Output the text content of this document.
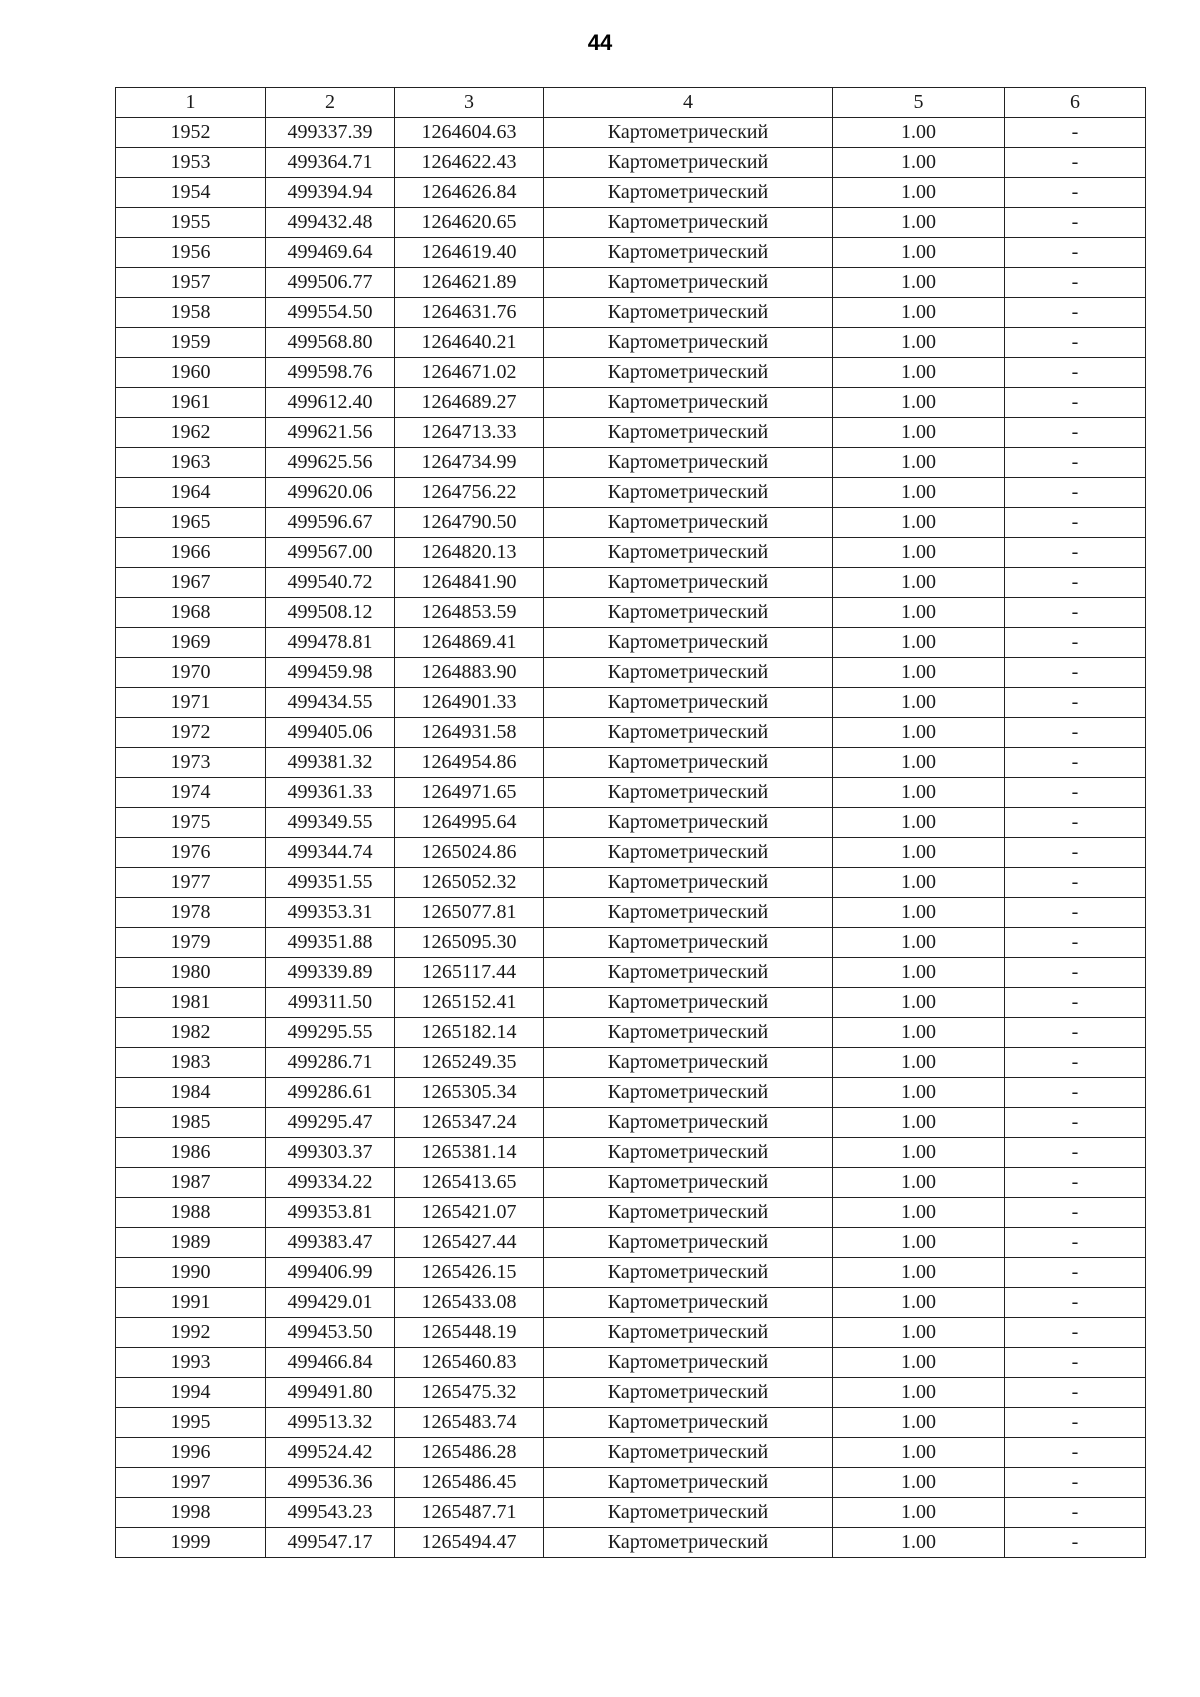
44
1	2	3	4	5	6
1952	499337.39	1264604.63	Картометрический	1.00	-
1953	499364.71	1264622.43	Картометрический	1.00	-
1954	499394.94	1264626.84	Картометрический	1.00	-
1955	499432.48	1264620.65	Картометрический	1.00	-
1956	499469.64	1264619.40	Картометрический	1.00	-
1957	499506.77	1264621.89	Картометрический	1.00	-
1958	499554.50	1264631.76	Картометрический	1.00	-
1959	499568.80	1264640.21	Картометрический	1.00	-
1960	499598.76	1264671.02	Картометрический	1.00	-
1961	499612.40	1264689.27	Картометрический	1.00	-
1962	499621.56	1264713.33	Картометрический	1.00	-
1963	499625.56	1264734.99	Картометрический	1.00	-
1964	499620.06	1264756.22	Картометрический	1.00	-
1965	499596.67	1264790.50	Картометрический	1.00	-
1966	499567.00	1264820.13	Картометрический	1.00	-
1967	499540.72	1264841.90	Картометрический	1.00	-
1968	499508.12	1264853.59	Картометрический	1.00	-
1969	499478.81	1264869.41	Картометрический	1.00	-
1970	499459.98	1264883.90	Картометрический	1.00	-
1971	499434.55	1264901.33	Картометрический	1.00	-
1972	499405.06	1264931.58	Картометрический	1.00	-
1973	499381.32	1264954.86	Картометрический	1.00	-
1974	499361.33	1264971.65	Картометрический	1.00	-
1975	499349.55	1264995.64	Картометрический	1.00	-
1976	499344.74	1265024.86	Картометрический	1.00	-
1977	499351.55	1265052.32	Картометрический	1.00	-
1978	499353.31	1265077.81	Картометрический	1.00	-
1979	499351.88	1265095.30	Картометрический	1.00	-
1980	499339.89	1265117.44	Картометрический	1.00	-
1981	499311.50	1265152.41	Картометрический	1.00	-
1982	499295.55	1265182.14	Картометрический	1.00	-
1983	499286.71	1265249.35	Картометрический	1.00	-
1984	499286.61	1265305.34	Картометрический	1.00	-
1985	499295.47	1265347.24	Картометрический	1.00	-
1986	499303.37	1265381.14	Картометрический	1.00	-
1987	499334.22	1265413.65	Картометрический	1.00	-
1988	499353.81	1265421.07	Картометрический	1.00	-
1989	499383.47	1265427.44	Картометрический	1.00	-
1990	499406.99	1265426.15	Картометрический	1.00	-
1991	499429.01	1265433.08	Картометрический	1.00	-
1992	499453.50	1265448.19	Картометрический	1.00	-
1993	499466.84	1265460.83	Картометрический	1.00	-
1994	499491.80	1265475.32	Картометрический	1.00	-
1995	499513.32	1265483.74	Картометрический	1.00	-
1996	499524.42	1265486.28	Картометрический	1.00	-
1997	499536.36	1265486.45	Картометрический	1.00	-
1998	499543.23	1265487.71	Картометрический	1.00	-
1999	499547.17	1265494.47	Картометрический	1.00	-
